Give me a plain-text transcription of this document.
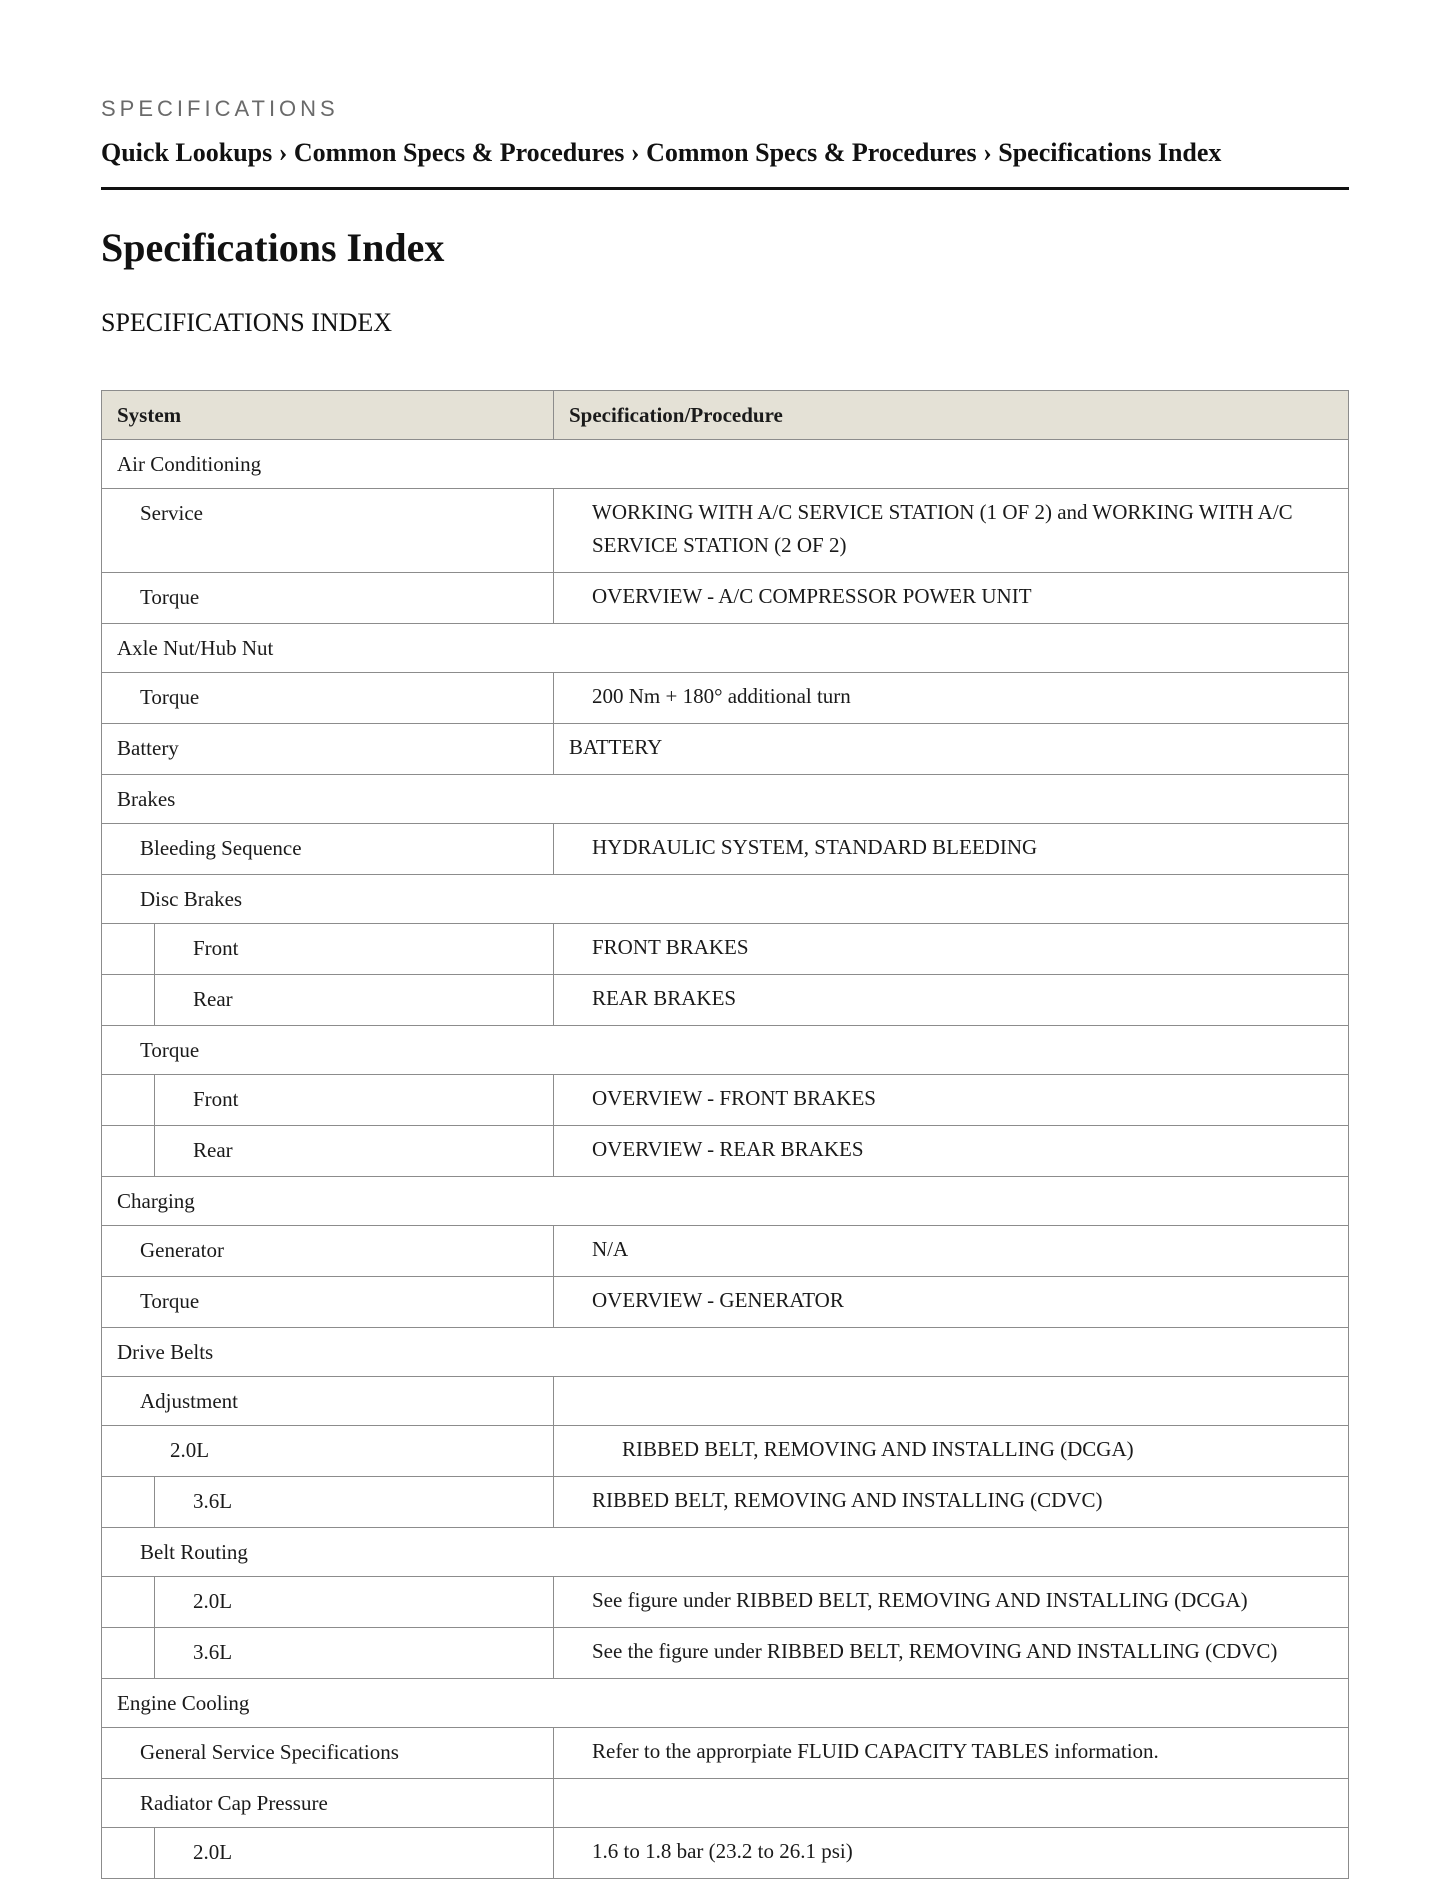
SPECIFICATIONS
Quick Lookups › Common Specs & Procedures › Common Specs & Procedures › Specifications Index
Specifications Index
SPECIFICATIONS INDEX
System	Specification/Procedure

Air Conditioning	

Service	WORKING WITH A/C SERVICE STATION (1 OF 2) and WORKING WITH A/C SERVICE STATION (2 OF 2)

Torque	OVERVIEW - A/C COMPRESSOR POWER UNIT

Axle Nut/Hub Nut	

Torque	200 Nm + 180° additional turn

Battery	BATTERY

Brakes	

Bleeding Sequence	HYDRAULIC SYSTEM, STANDARD BLEEDING

Disc Brakes	

Front	FRONT BRAKES

Rear	REAR BRAKES

Torque	

Front	OVERVIEW - FRONT BRAKES

Rear	OVERVIEW - REAR BRAKES

Charging	

Generator	N/A

Torque	OVERVIEW - GENERATOR

Drive Belts	

Adjustment	

2.0L	RIBBED BELT, REMOVING AND INSTALLING (DCGA)

3.6L	RIBBED BELT, REMOVING AND INSTALLING (CDVC)

Belt Routing	

2.0L	See figure under RIBBED BELT, REMOVING AND INSTALLING (DCGA)

3.6L	See the figure under RIBBED BELT, REMOVING AND INSTALLING (CDVC)

Engine Cooling	

General Service Specifications	Refer to the approrpiate FLUID CAPACITY TABLES information.

Radiator Cap Pressure	

2.0L	1.6 to 1.8 bar (23.2 to 26.1 psi)
